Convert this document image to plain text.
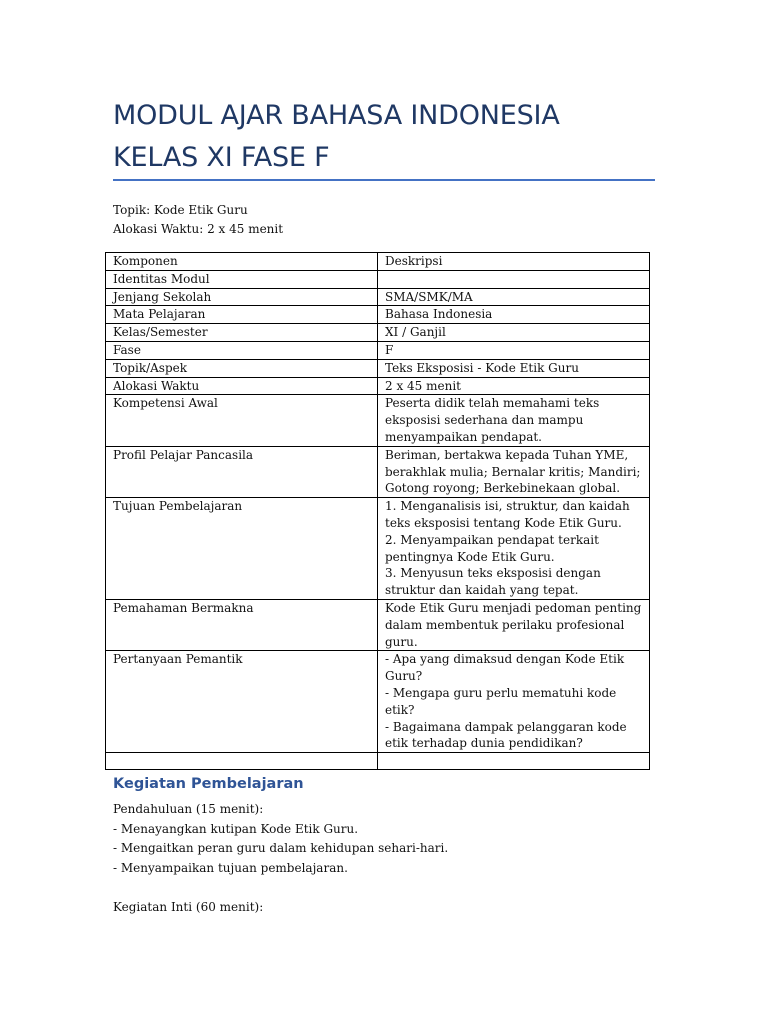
MODUL AJAR BAHASA INDONESIA
KELAS XI FASE F
Topik: Kode Etik Guru
Alokasi Waktu: 2 x 45 menit
Komponen	Deskripsi
Identitas Modul	
Jenjang Sekolah	SMA/SMK/MA
Mata Pelajaran	Bahasa Indonesia
Kelas/Semester	XI / Ganjil
Fase	F
Topik/Aspek	Teks Eksposisi - Kode Etik Guru
Alokasi Waktu	2 x 45 menit
Kompetensi Awal	Peserta didik telah memahami teks eksposisi sederhana dan mampu menyampaikan pendapat.
Profil Pelajar Pancasila	Beriman, bertakwa kepada Tuhan YME, berakhlak mulia; Bernalar kritis; Mandiri; Gotong royong; Berkebinekaan global.
Tujuan Pembelajaran	1. Menganalisis isi, struktur, dan kaidah teks eksposisi tentang Kode Etik Guru.
2. Menyampaikan pendapat terkait pentingnya Kode Etik Guru.
3. Menyusun teks eksposisi dengan struktur dan kaidah yang tepat.
Pemahaman Bermakna	Kode Etik Guru menjadi pedoman penting dalam membentuk perilaku profesional guru.
Pertanyaan Pemantik	- Apa yang dimaksud dengan Kode Etik Guru?
- Mengapa guru perlu mematuhi kode etik?
- Bagaimana dampak pelanggaran kode etik terhadap dunia pendidikan?

Kegiatan Pembelajaran
Pendahuluan (15 menit):
- Menayangkan kutipan Kode Etik Guru.
- Mengaitkan peran guru dalam kehidupan sehari-hari.
- Menyampaikan tujuan pembelajaran.
Kegiatan Inti (60 menit):
